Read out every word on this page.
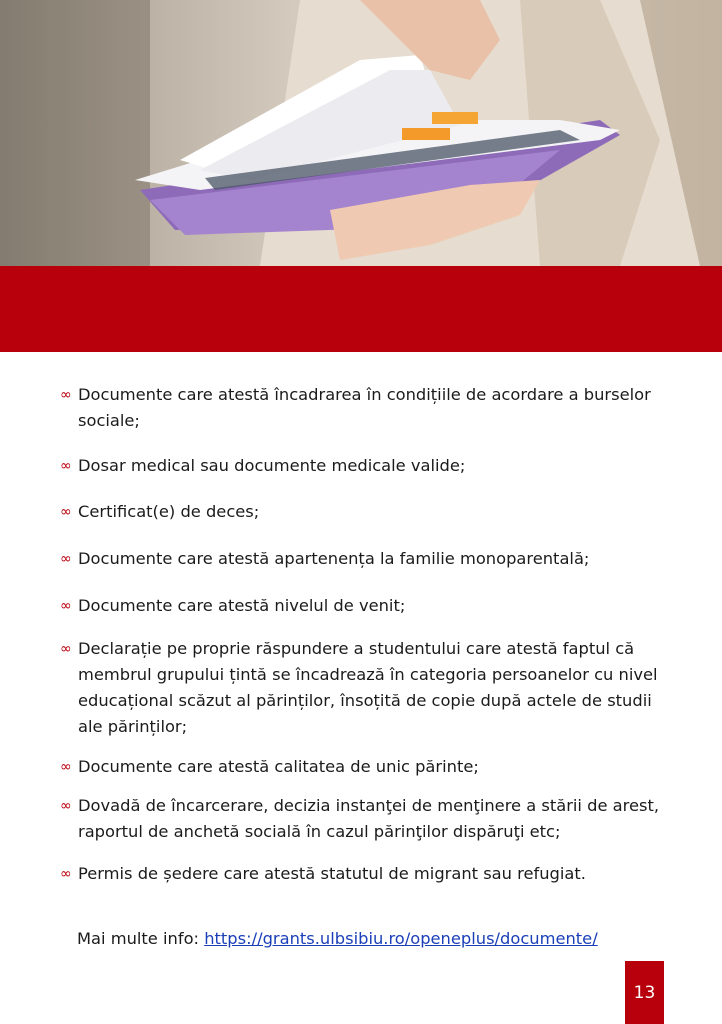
∞ Documente care atestă încadrarea în condițiile de acordare a burselor sociale;
∞ Dosar medical sau documente medicale valide;
∞ Certificat(e) de deces;
∞ Documente care atestă apartenența la familie monoparentală;
∞ Documente care atestă nivelul de venit;
∞ Declarație pe proprie răspundere a studentului care atestă faptul că membrul grupului țintă se încadrează în categoria persoanelor cu nivel educațional scăzut al părinților, însoțită de copie după actele de studii ale părinților;
∞ Documente care atestă calitatea de unic părinte;
∞ Dovadă de încarcerare, decizia instanţei de menţinere a stării de arest, raportul de anchetă socială în cazul părinţilor dispăruţi etc;
∞ Permis de ședere care atestă statutul de migrant sau refugiat.
Mai multe info: https://grants.ulbsibiu.ro/openeplus/documente/
13
